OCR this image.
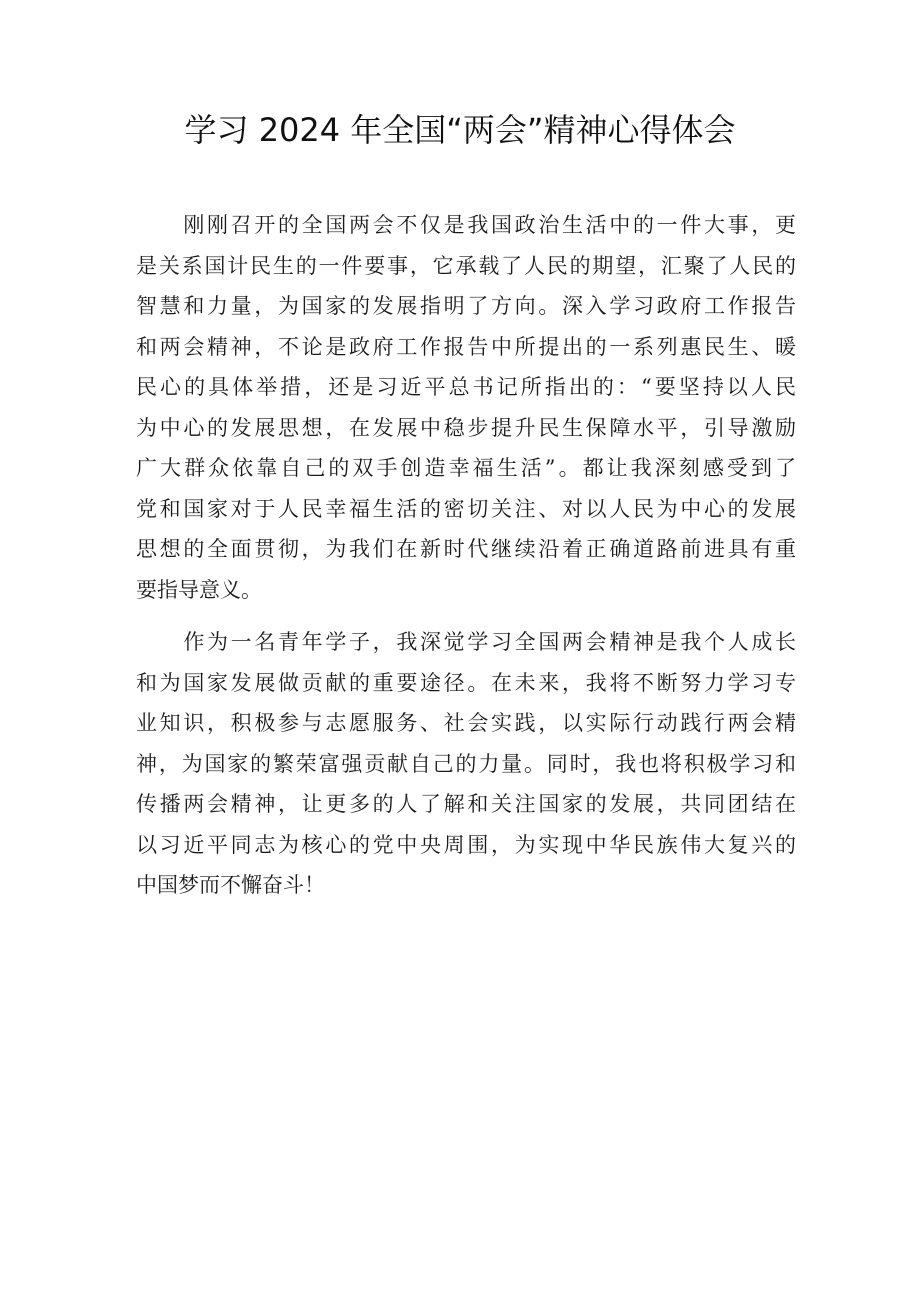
学习 2024 年全国“两会”精神心得体会

　　刚刚召开的全国两会不仅是我国政治生活中的一件大事，更
是关系国计民生的一件要事，它承载了人民的期望，汇聚了人民的
智慧和力量，为国家的发展指明了方向。深入学习政府工作报告
和两会精神，不论是政府工作报告中所提出的一系列惠民生、暖
民心的具体举措，还是习近平总书记所指出的：“要坚持以人民
为中心的发展思想，在发展中稳步提升民生保障水平，引导激励
广大群众依靠自己的双手创造幸福生活”。都让我深刻感受到了
党和国家对于人民幸福生活的密切关注、对以人民为中心的发展
思想的全面贯彻，为我们在新时代继续沿着正确道路前进具有重
要指导意义。

　　作为一名青年学子，我深觉学习全国两会精神是我个人成长
和为国家发展做贡献的重要途径。在未来，我将不断努力学习专
业知识，积极参与志愿服务、社会实践，以实际行动践行两会精
神，为国家的繁荣富强贡献自己的力量。同时，我也将积极学习和
传播两会精神，让更多的人了解和关注国家的发展，共同团结在
以习近平同志为核心的党中央周围，为实现中华民族伟大复兴的
中国梦而不懈奋斗！
